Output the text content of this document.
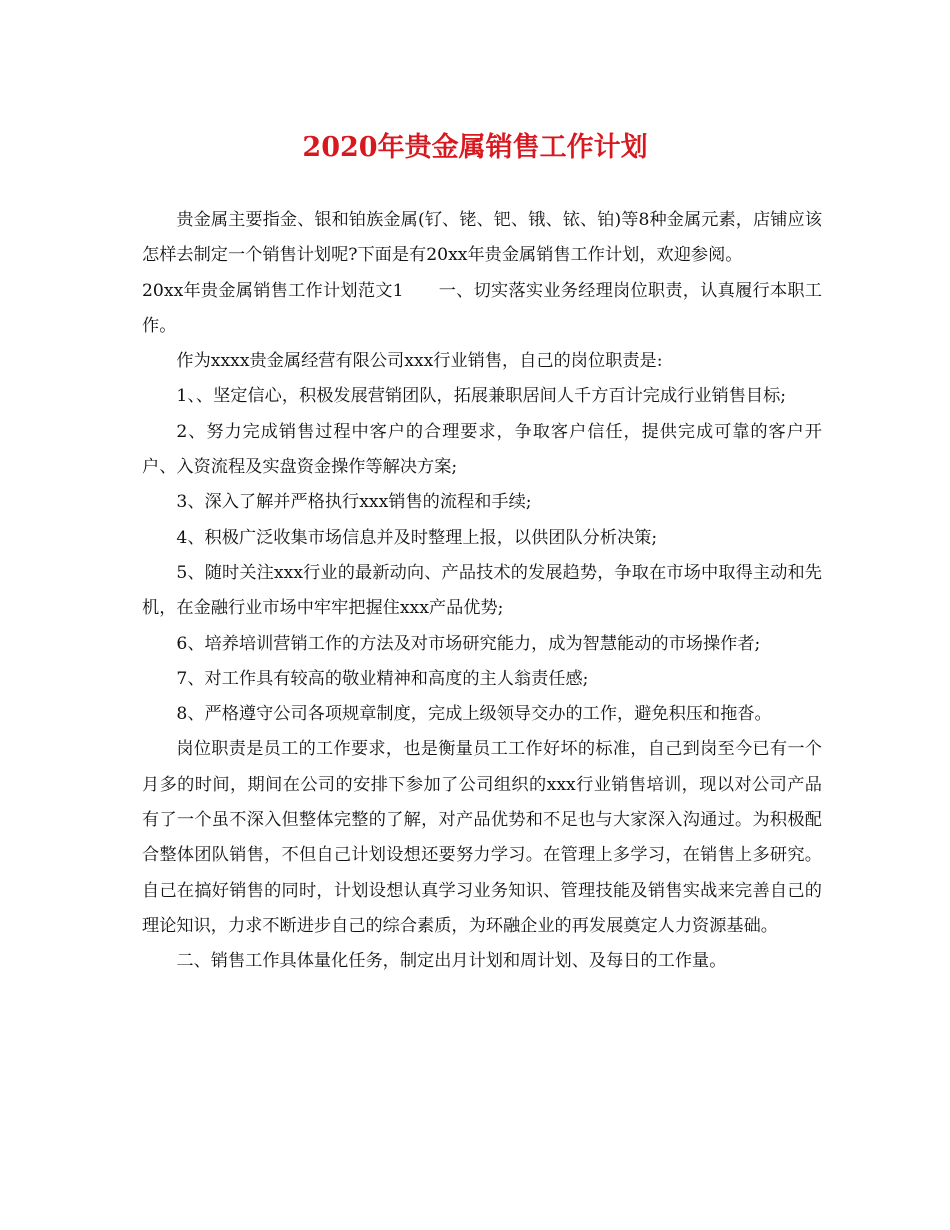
2020年贵金属销售工作计划

贵金属主要指金、银和铂族金属(钌、铑、钯、锇、铱、铂)等8种金属元素，店铺应该怎样去制定一个销售计划呢?下面是有20xx年贵金属销售工作计划，欢迎参阅。

20xx年贵金属销售工作计划范文1　　一、切实落实业务经理岗位职责，认真履行本职工作。

作为xxxx贵金属经营有限公司xxx行业销售，自己的岗位职责是:

1、、坚定信心，积极发展营销团队，拓展兼职居间人千方百计完成行业销售目标;

2、努力完成销售过程中客户的合理要求，争取客户信任，提供完成可靠的客户开户、入资流程及实盘资金操作等解决方案;

3、深入了解并严格执行xxx销售的流程和手续;

4、积极广泛收集市场信息并及时整理上报，以供团队分析决策;

5、随时关注xxx行业的最新动向、产品技术的发展趋势，争取在市场中取得主动和先机，在金融行业市场中牢牢把握住xxx产品优势;

6、培养培训营销工作的方法及对市场研究能力，成为智慧能动的市场操作者;

7、对工作具有较高的敬业精神和高度的主人翁责任感;

8、严格遵守公司各项规章制度，完成上级领导交办的工作，避免积压和拖沓。

岗位职责是员工的工作要求，也是衡量员工工作好坏的标准，自己到岗至今已有一个月多的时间，期间在公司的安排下参加了公司组织的xxx行业销售培训，现以对公司产品有了一个虽不深入但整体完整的了解，对产品优势和不足也与大家深入沟通过。为积极配合整体团队销售，不但自己计划设想还要努力学习。在管理上多学习，在销售上多研究。自己在搞好销售的同时，计划设想认真学习业务知识、管理技能及销售实战来完善自己的理论知识，力求不断进步自己的综合素质，为环融企业的再发展奠定人力资源基础。

二、销售工作具体量化任务，制定出月计划和周计划、及每日的工作量。
